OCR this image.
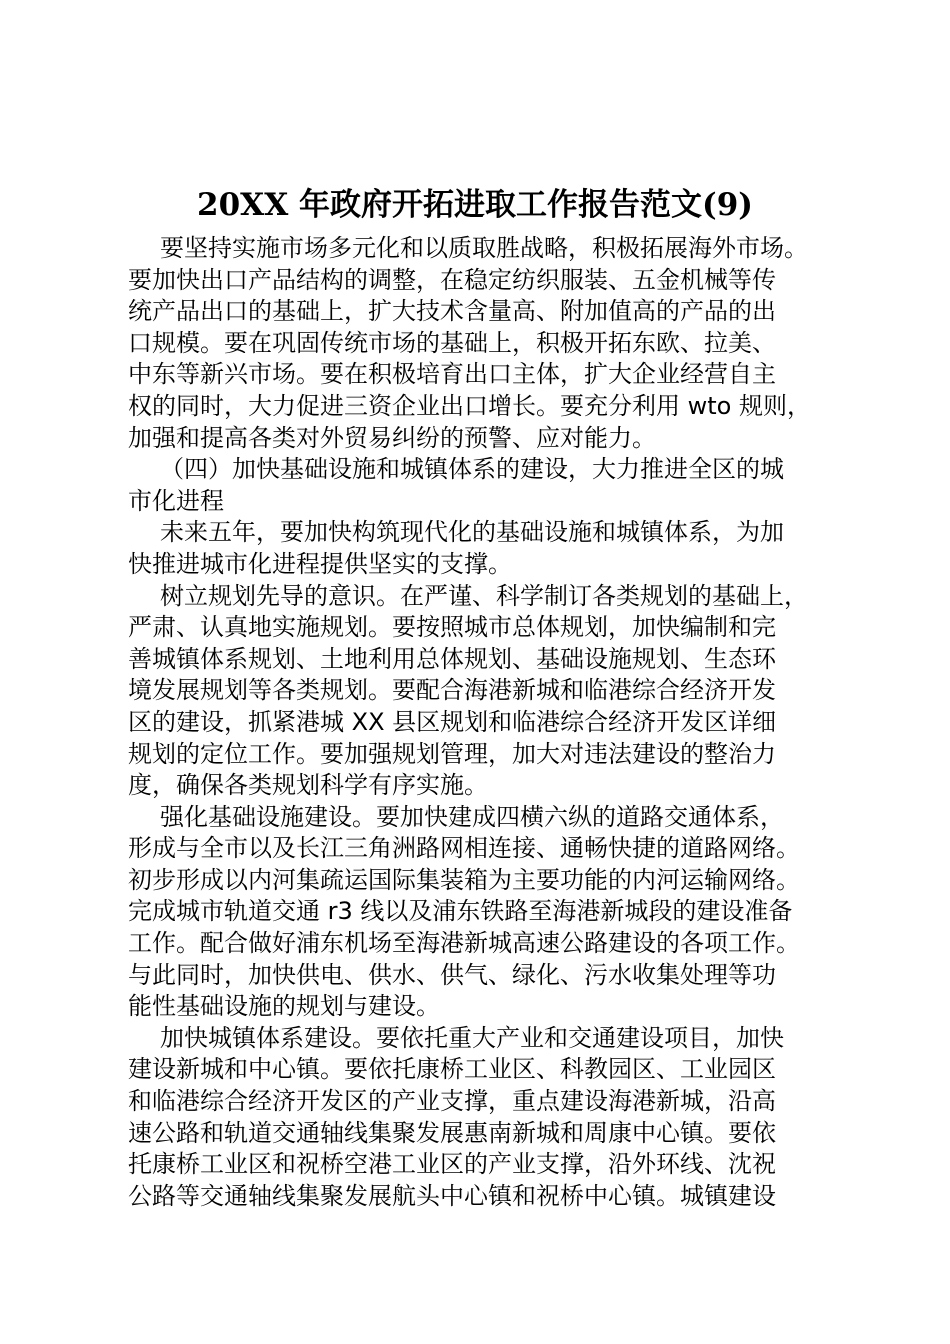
20XX 年政府开拓进取工作报告范文(9)
要坚持实施市场多元化和以质取胜战略，积极拓展海外市场。
要加快出口产品结构的调整，在稳定纺织服装、五金机械等传
统产品出口的基础上，扩大技术含量高、附加值高的产品的出
口规模。要在巩固传统市场的基础上，积极开拓东欧、拉美、
中东等新兴市场。要在积极培育出口主体，扩大企业经营自主
权的同时，大力促进三资企业出口增长。要充分利用 wto 规则，
加强和提高各类对外贸易纠纷的预警、应对能力。
（四）加快基础设施和城镇体系的建设，大力推进全区的城
市化进程
未来五年，要加快构筑现代化的基础设施和城镇体系，为加
快推进城市化进程提供坚实的支撑。
树立规划先导的意识。在严谨、科学制订各类规划的基础上，
严肃、认真地实施规划。要按照城市总体规划，加快编制和完
善城镇体系规划、土地利用总体规划、基础设施规划、生态环
境发展规划等各类规划。要配合海港新城和临港综合经济开发
区的建设，抓紧港城 XX 县区规划和临港综合经济开发区详细
规划的定位工作。要加强规划管理，加大对违法建设的整治力
度，确保各类规划科学有序实施。
强化基础设施建设。要加快建成四横六纵的道路交通体系，
形成与全市以及长江三角洲路网相连接、通畅快捷的道路网络。
初步形成以内河集疏运国际集装箱为主要功能的内河运输网络。
完成城市轨道交通 r3 线以及浦东铁路至海港新城段的建设准备
工作。配合做好浦东机场至海港新城高速公路建设的各项工作。
与此同时，加快供电、供水、供气、绿化、污水收集处理等功
能性基础设施的规划与建设。
加快城镇体系建设。要依托重大产业和交通建设项目，加快
建设新城和中心镇。要依托康桥工业区、科教园区、工业园区
和临港综合经济开发区的产业支撑，重点建设海港新城，沿高
速公路和轨道交通轴线集聚发展惠南新城和周康中心镇。要依
托康桥工业区和祝桥空港工业区的产业支撑，沿外环线、沈祝
公路等交通轴线集聚发展航头中心镇和祝桥中心镇。城镇建设
